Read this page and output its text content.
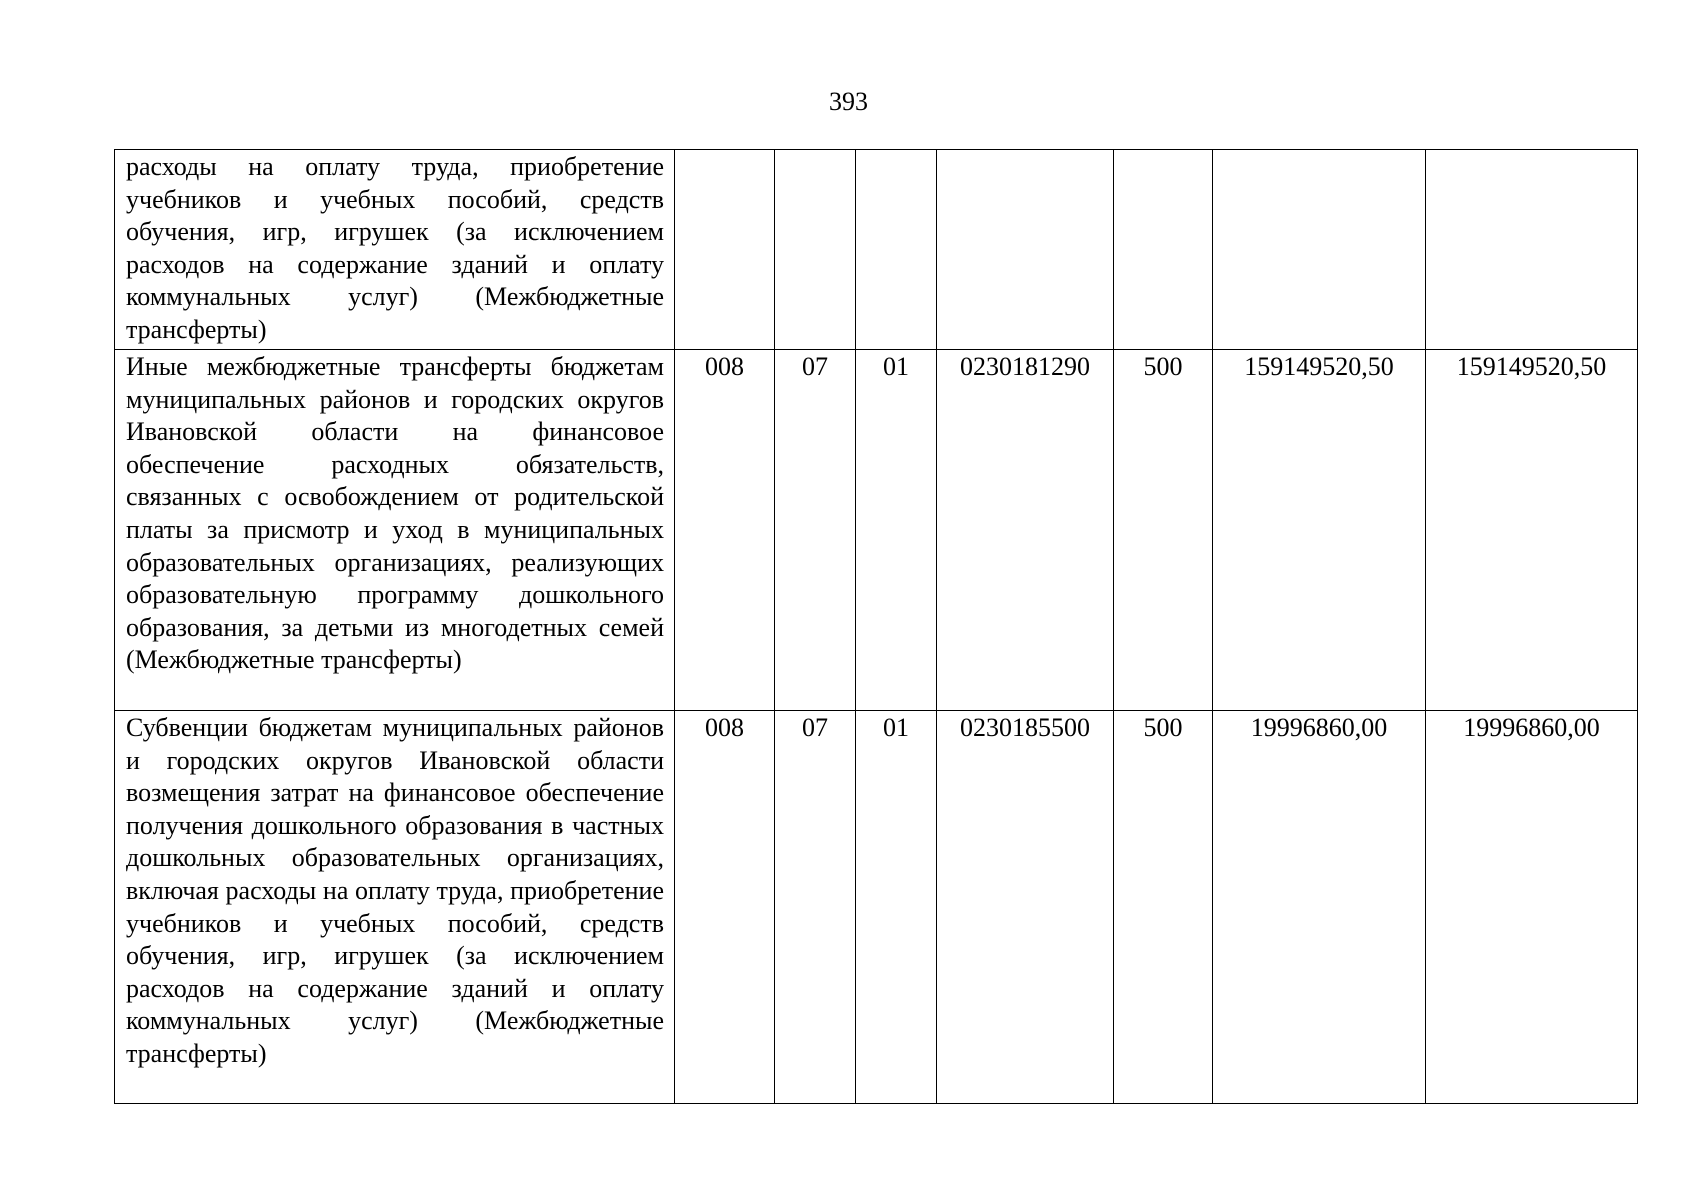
393
расходы на оплату труда, приобретение учебников и учебных пособий, средств обучения, игр, игрушек (за исключением расходов на содержание зданий и оплату коммунальных услуг) (Межбюджетные трансферты)							
Иные межбюджетные трансферты бюджетам муниципальных районов и городских округов Ивановской области на финансовое обеспечение расходных обязательств, связанных с освобождением от родительской платы за присмотр и уход в муниципальных образовательных организациях, реализующих образовательную программу дошкольного образования, за детьми из многодетных семей (Межбюджетные трансферты)	008	07	01	0230181290	500	159149520,50	159149520,50
Субвенции бюджетам муниципальных районов и городских округов Ивановской области возмещения затрат на финансовое обеспечение получения дошкольного образования в частных дошкольных образовательных организациях, включая расходы на оплату труда, приобретение учебников и учебных пособий, средств обучения, игр, игрушек (за исключением расходов на содержание зданий и оплату коммунальных услуг) (Межбюджетные трансферты)	008	07	01	0230185500	500	19996860,00	19996860,00
